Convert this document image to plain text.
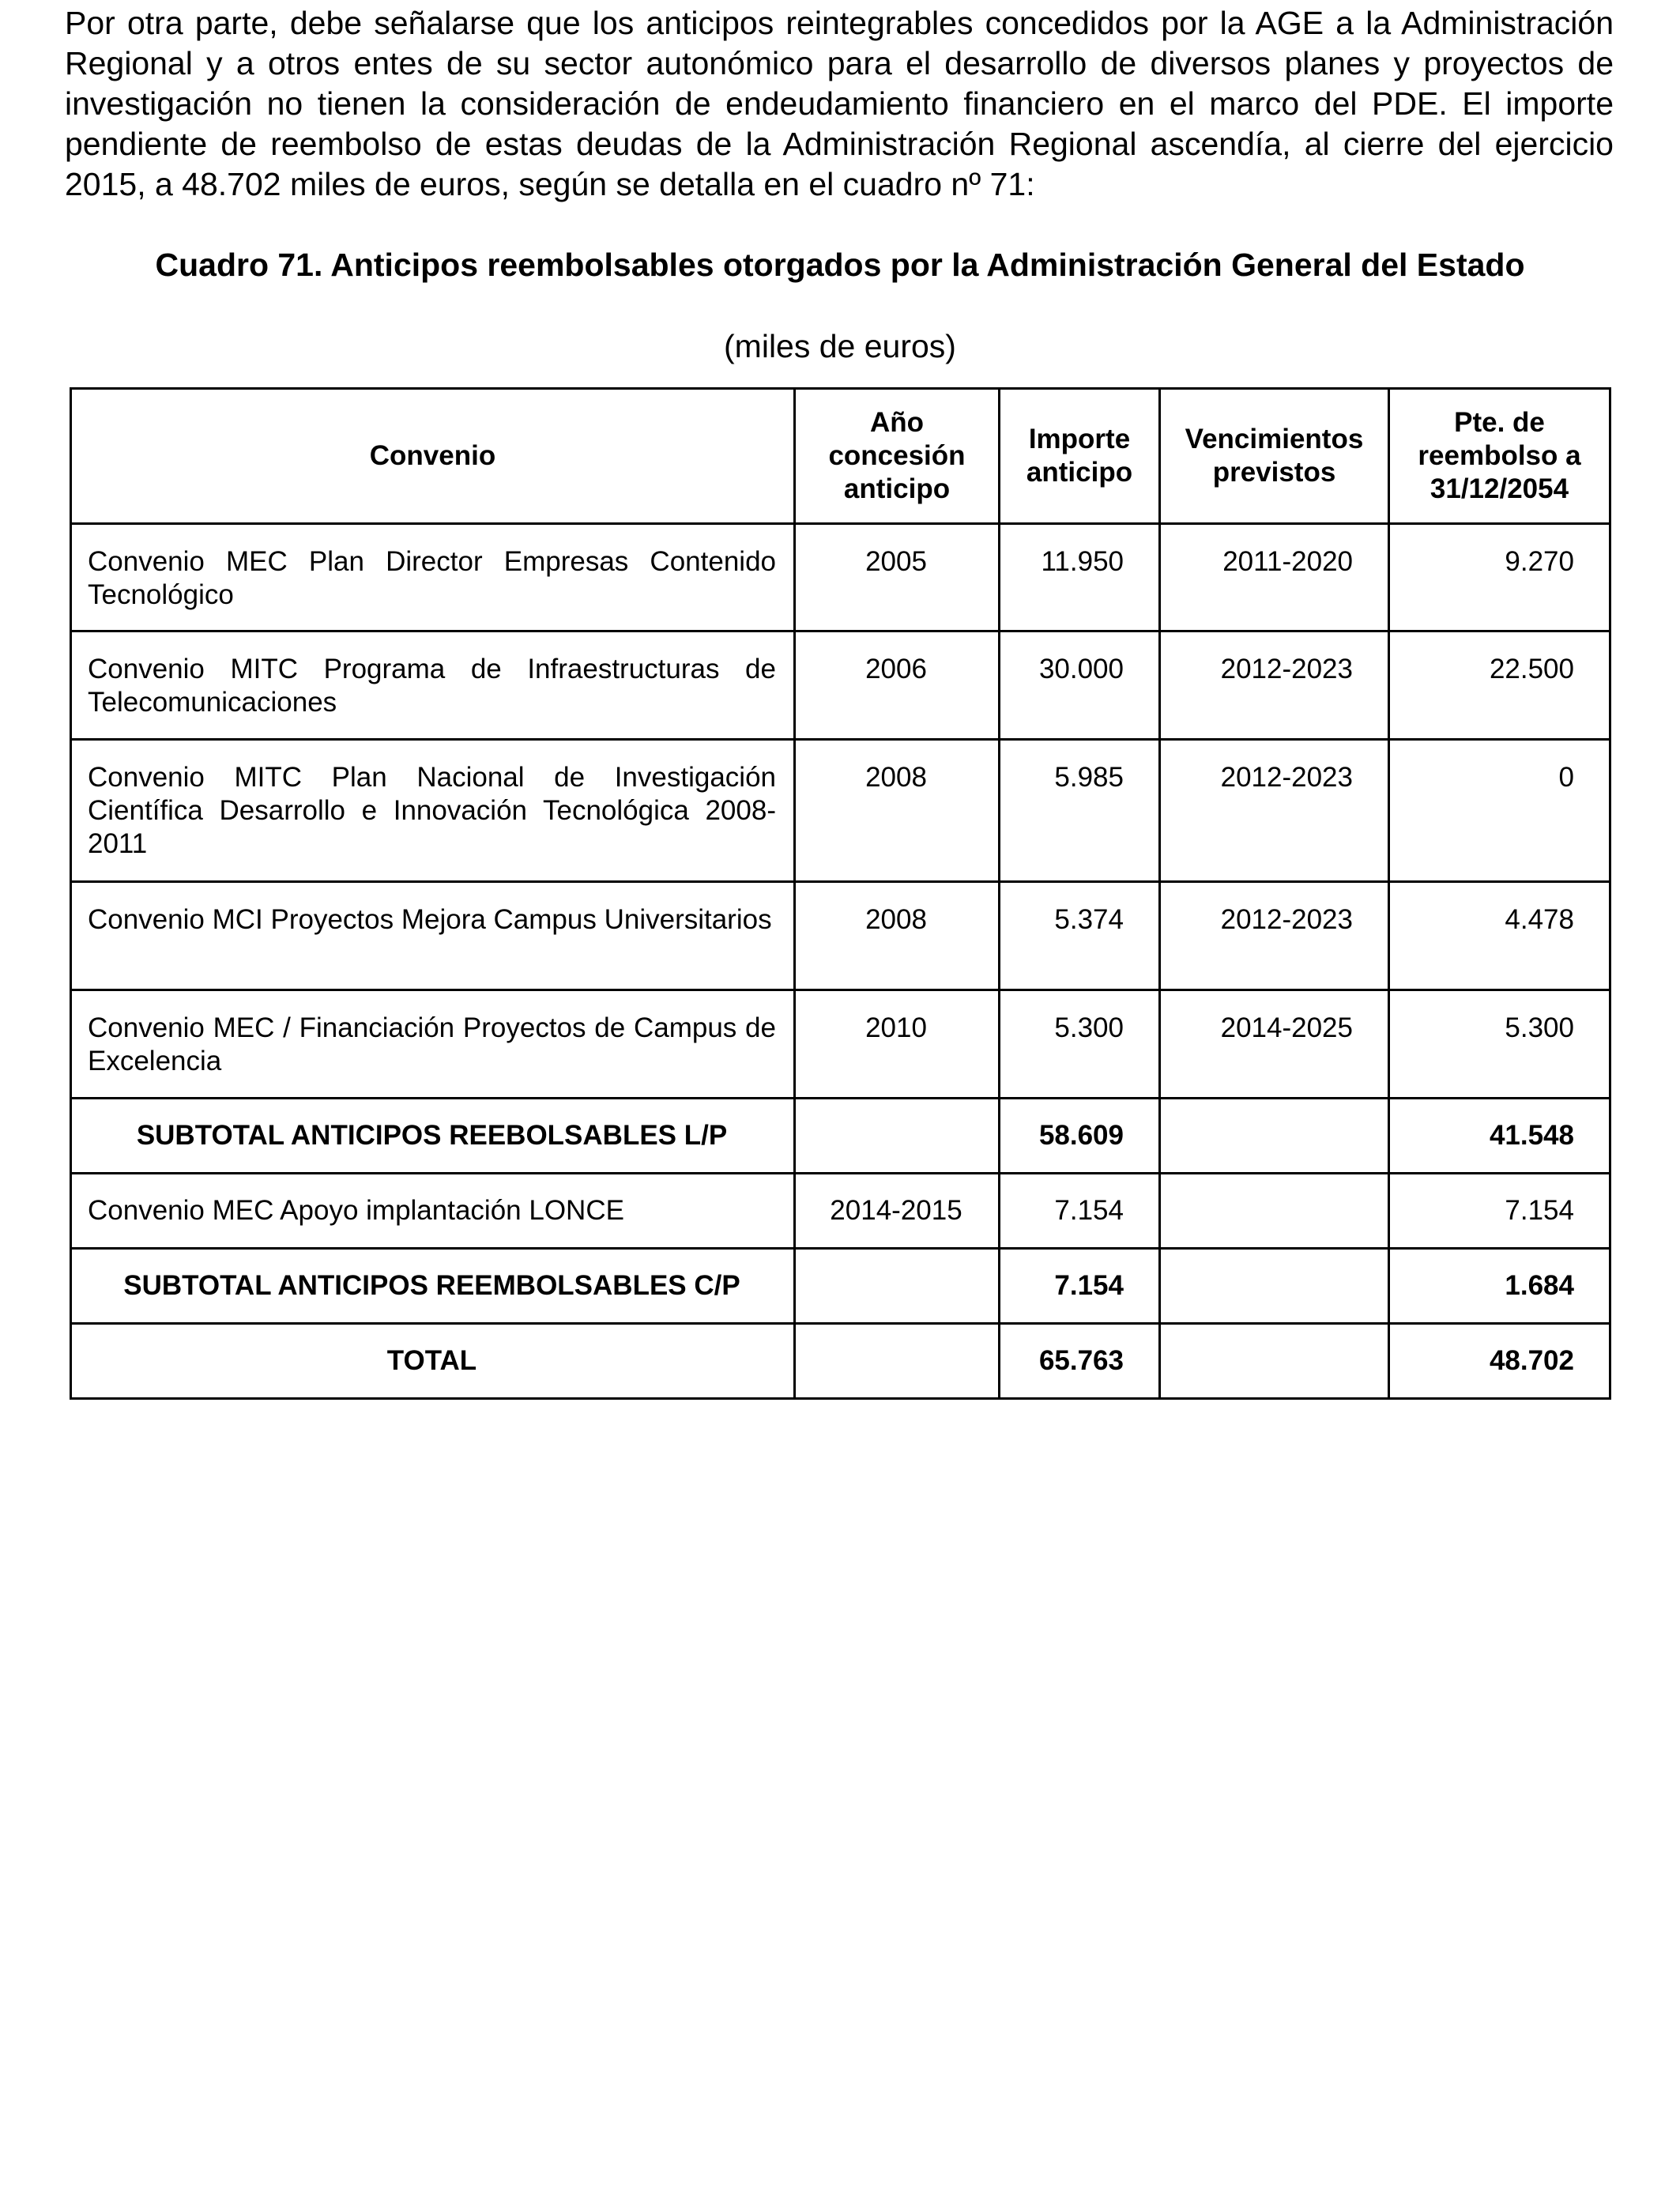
Por otra parte, debe señalarse que los anticipos reintegrables concedidos por la AGE a la Administración Regional y a otros entes de su sector autonómico para el desarrollo de diversos planes y proyectos de investigación no tienen la consideración de endeudamiento financiero en el marco del PDE. El importe pendiente de reembolso de estas deudas de la Administración Regional ascendía, al cierre del ejercicio 2015, a 48.702 miles de euros, según se detalla en el cuadro nº 71:

Cuadro 71. Anticipos reembolsables otorgados por la Administración General del Estado

(miles de euros)

Convenio	Año concesión anticipo	Importe anticipo	Vencimientos previstos	Pte. de reembolso a 31/12/2054
Convenio MEC Plan Director Empresas Contenido Tecnológico	2005	11.950	2011-2020	9.270
Convenio MITC Programa de Infraestructuras de Telecomunicaciones	2006	30.000	2012-2023	22.500
Convenio MITC Plan Nacional de Investigación Científica Desarrollo e Innovación Tecnológica 2008-2011	2008	5.985	2012-2023	0
Convenio MCI Proyectos Mejora Campus Universitarios	2008	5.374	2012-2023	4.478
Convenio MEC / Financiación Proyectos de Campus de Excelencia	2010	5.300	2014-2025	5.300
SUBTOTAL ANTICIPOS REEBOLSABLES L/P		58.609		41.548
Convenio MEC Apoyo implantación LONCE	2014-2015	7.154		7.154
SUBTOTAL ANTICIPOS REEMBOLSABLES C/P		7.154		1.684
TOTAL		65.763		48.702
